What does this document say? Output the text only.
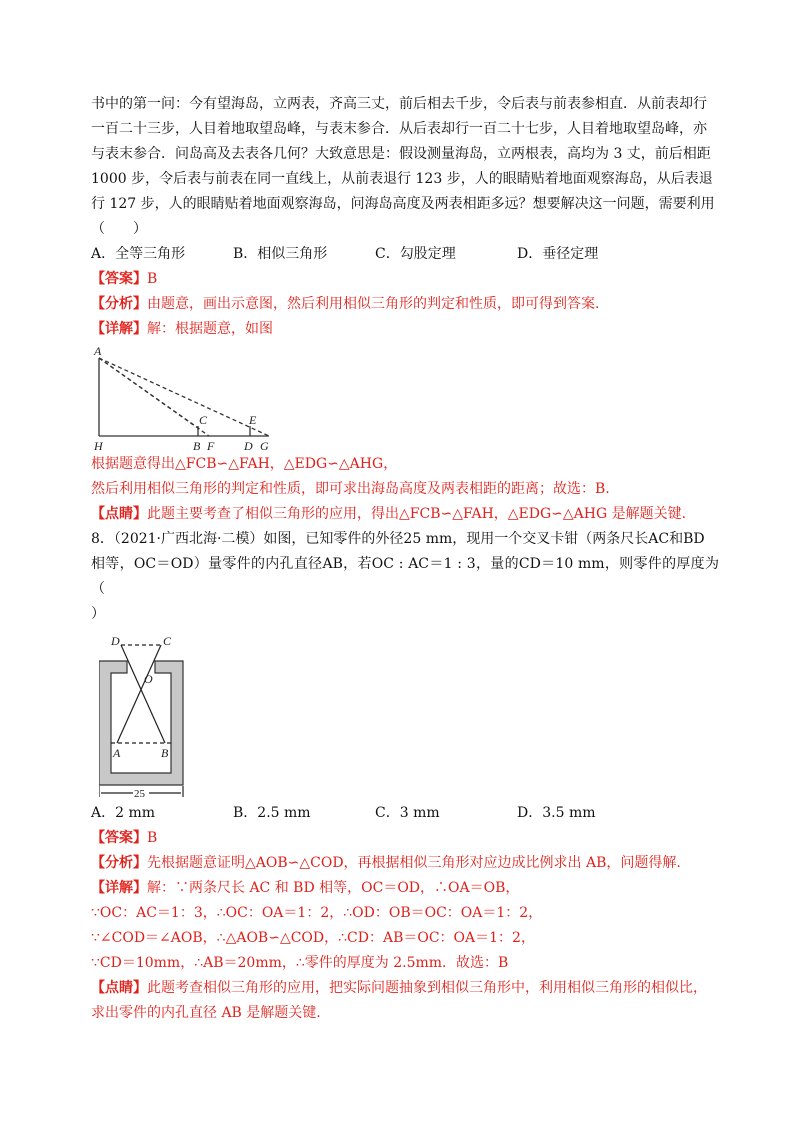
书中的第一问：今有望海岛，立两表，齐高三丈，前后相去千步，令后表与前表参相直．从前表却行

一百二十三步，人目着地取望岛峰，与表末参合．从后表却行一百二十七步，人目着地取望岛峰，亦

与表末参合．问岛高及去表各几何？大致意思是：假设测量海岛，立两根表，高均为 3 丈，前后相距

1000 步，令后表与前表在同一直线上，从前表退行 123 步，人的眼睛贴着地面观察海岛，从后表退

行 127 步，人的眼睛贴着地面观察海岛，问海岛高度及两表相距多远？想要解决这一问题，需要利用

（　　）

A．全等三角形	B．相似三角形	C．勾股定理	D．垂径定理

【答案】B

【分析】由题意，画出示意图，然后利用相似三角形的判定和性质，即可得到答案.

【详解】解：根据题意，如图

A
H	B F
C
D
E
G

根据题意得出△FCB∽△FAH，△EDG∽△AHG，

然后利用相似三角形的判定和性质，即可求出海岛高度及两表相距的距离；故选：B.

【点睛】此题主要考查了相似三角形的应用，得出△FCB∽△FAH，△EDG∽△AHG 是解题关键.

8．（2021·广西北海·二模）如图，已知零件的外径25 mm，现用一个交叉卡钳（两条尺长AC和BD

相等，OC＝OD）量零件的内孔直径AB，若OC : AC＝1 : 3，量的CD＝10 mm，则零件的厚度为（

）

D	C
O
A	B
25
A．2 mm	B．2.5 mm	C．3 mm	D．3.5 mm

【答案】B

【分析】先根据题意证明△AOB∽△COD，再根据相似三角形对应边成比例求出 AB，问题得解.

【详解】解：∵两条尺长 AC 和 BD 相等，OC＝OD，∴OA＝OB，

∵OC：AC＝1：3，∴OC：OA＝1：2，∴OD：OB＝OC：OA＝1：2，

∵∠COD＝∠AOB，∴△AOB∽△COD，∴CD：AB＝OC：OA＝1：2，

∵CD＝10mm，∴AB＝20mm，∴零件的厚度为 2.5mm．故选：B

【点睛】此题考查相似三角形的应用，把实际问题抽象到相似三角形中，利用相似三角形的相似比，

求出零件的内孔直径 AB 是解题关键.
